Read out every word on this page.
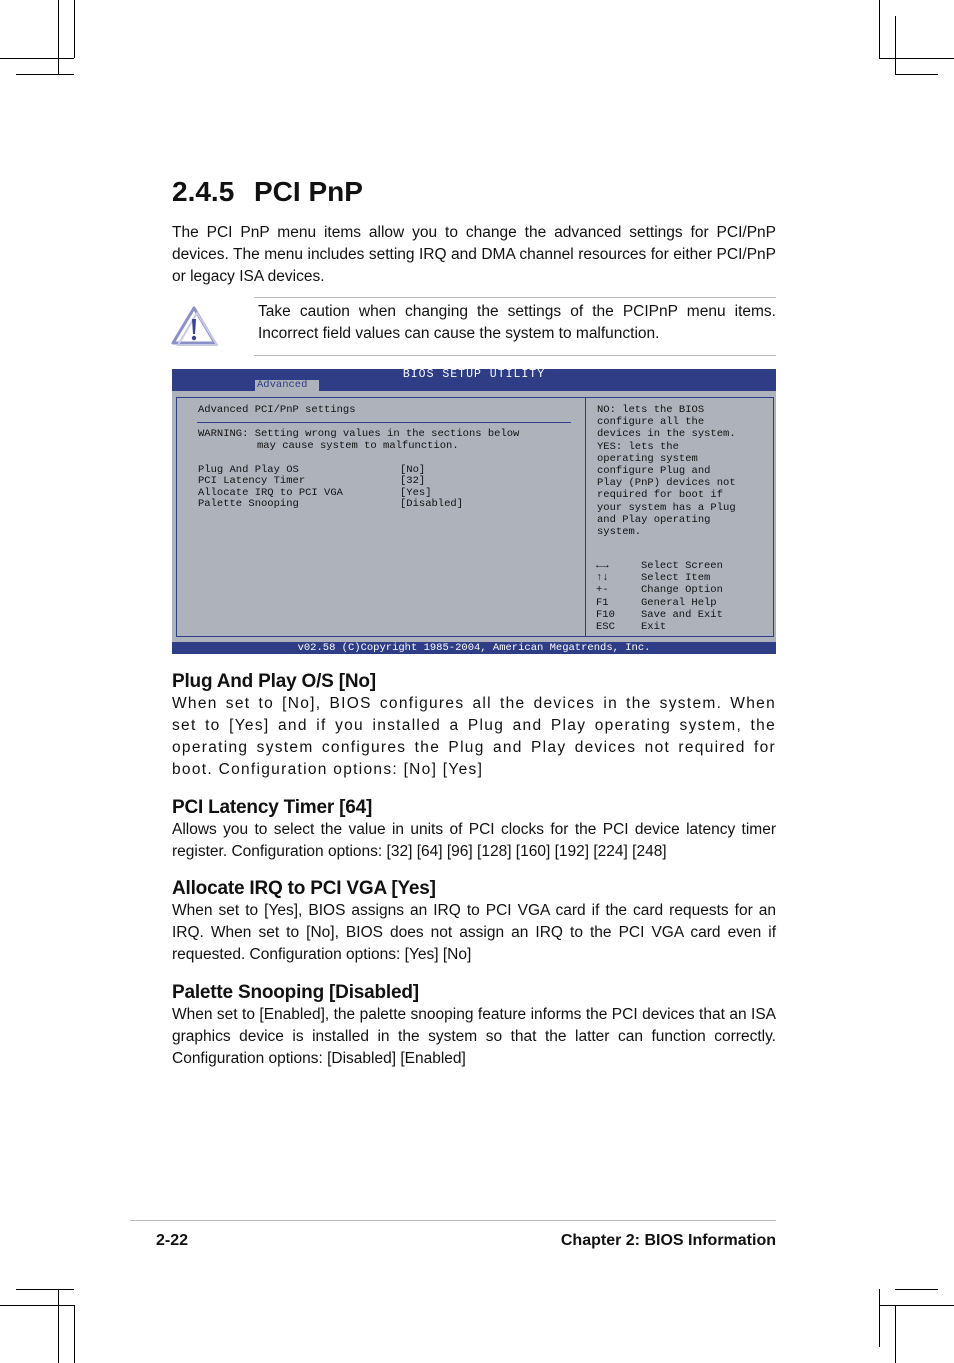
2.4.5 PCI PnP

The PCI PnP menu items allow you to change the advanced settings for PCI/PnP devices. The menu includes setting IRQ and DMA channel resources for either PCI/PnP or legacy ISA devices.

Take caution when changing the settings of the PCIPnP menu items. Incorrect field values can cause the system to malfunction.

BIOS SETUP UTILITY
Advanced
Advanced PCI/PnP settings
WARNING: Setting wrong values in the sections below
may cause system to malfunction.
Plug And Play OS	[No]
PCI Latency Timer	[32]
Allocate IRQ to PCI VGA	[Yes]
Palette Snooping	[Disabled]
NO: lets the BIOS
configure all the
devices in the system.
YES: lets the
operating system
configure Plug and
Play (PnP) devices not
required for boot if
your system has a Plug
and Play operating
system.
←→	Select Screen
↑↓	Select Item
+-	Change Option
F1	General Help
F10 Save and Exit
ESC Exit
v02.58 (C)Copyright 1985-2004, American Megatrends, Inc.
Plug And Play O/S [No]

When set to [No], BIOS configures all the devices in the system. When set to [Yes] and if you installed a Plug and Play operating system, the operating system configures the Plug and Play devices not required for boot. Configuration options: [No] [Yes]

PCI Latency Timer [64]

Allows you to select the value in units of PCI clocks for the PCI device latency timer register. Configuration options: [32] [64] [96] [128] [160] [192] [224] [248]

Allocate IRQ to PCI VGA [Yes]

When set to [Yes], BIOS assigns an IRQ to PCI VGA card if the card requests for an IRQ. When set to [No], BIOS does not assign an IRQ to the PCI VGA card even if requested. Configuration options: [Yes] [No]

Palette Snooping [Disabled]

When set to [Enabled], the palette snooping feature informs the PCI devices that an ISA graphics device is installed in the system so that the latter can function correctly. Configuration options: [Disabled] [Enabled]

2-22	Chapter 2: BIOS Information
